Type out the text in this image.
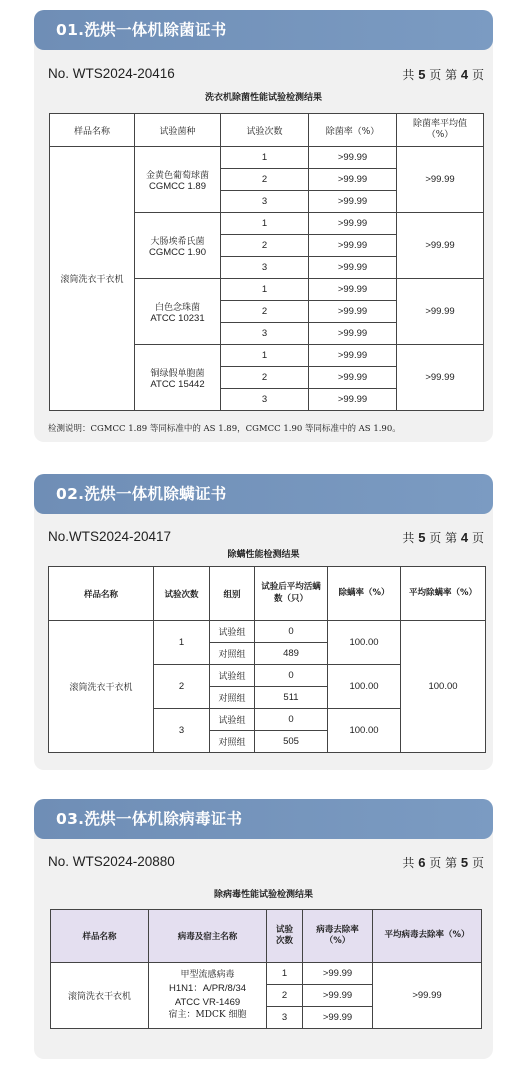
01.洗烘一体机除菌证书
No. WTS2024-20416	共 5 页 第 4 页
洗衣机除菌性能试验检测结果
样品名称	试验菌种	试验次数	除菌率（%）	除菌率平均值（%）
滚筒洗衣干衣机	金黄色葡萄球菌
CGMCC 1.89	1	>99.99	>99.99
		2	>99.99	
		3	>99.99	

	大肠埃希氏菌
CGMCC 1.90	1	>99.99	>99.99
		2	>99.99	
		3	>99.99	

	白色念珠菌
ATCC 10231	1	>99.99	>99.99
		2	>99.99	
		3	>99.99	

	铜绿假单胞菌
ATCC 15442	1	>99.99	>99.99
		2	>99.99	
		3	>99.99	
检测说明：CGMCC 1.89 等同标准中的 AS 1.89，CGMCC 1.90 等同标准中的 AS 1.90。
02.洗烘一体机除螨证书
No.WTS2024-20417	共 5 页 第 4 页
除螨性能检测结果
样品名称	试验次数	组别	试验后平均活螨数（只）	除螨率（%）	平均除螨率（%）
滚筒洗衣干衣机	1	试验组	0	100.00	100.00
		对照组	489		
	2	试验组	0	100.00	
		对照组	511		
	3	试验组	0	100.00	
		对照组	505		
03.洗烘一体机除病毒证书
No. WTS2024-20880	共 6 页 第 5 页
除病毒性能试验检测结果
样品名称	病毒及宿主名称	试验次数	病毒去除率（%）	平均病毒去除率（%）
滚筒洗衣干衣机	甲型流感病毒
H1N1：A/PR/8/34
ATCC VR-1469
宿主：MDCK 细胞	1	>99.99	>99.99
		2	>99.99	
		3	>99.99	
